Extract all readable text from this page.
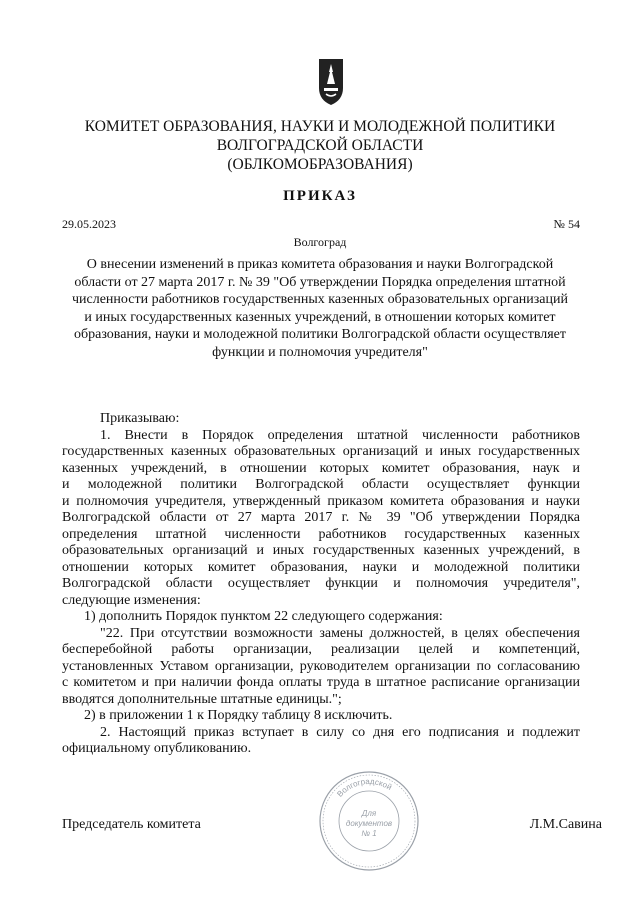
КОМИТЕТ ОБРАЗОВАНИЯ, НАУКИ И МОЛОДЕЖНОЙ ПОЛИТИКИ
ВОЛГОГРАДСКОЙ ОБЛАСТИ
(ОБЛКОМОБРАЗОВАНИЯ)
ПРИКАЗ
29.05.2023	№ 54
Волгоград
О внесении изменений в приказ комитета образования и науки Волгоградской
области от 27 марта 2017 г. № 39 "Об утверждении Порядка определения штатной
численности работников государственных казенных образовательных организаций
и иных государственных казенных учреждений, в отношении которых комитет
образования, науки и молодежной политики Волгоградской области осуществляет
функции и полномочия учредителя"
Приказываю:
1. Внести в Порядок определения штатной численности работников
государственных казенных образовательных организаций и иных государственных
казенных учреждений, в отношении которых комитет образования, наук и
и молодежной политики Волгоградской области осуществляет функции
и полномочия учредителя, утвержденный приказом комитета образования и науки
Волгоградской области от 27 марта 2017 г. № 39 "Об утверждении Порядка
определения штатной численности работников государственных казенных
образовательных организаций и иных государственных казенных учреждений, в
отношении которых комитет образования, науки и молодежной политики
Волгоградской области осуществляет функции и полномочия учредителя",
следующие изменения:
1) дополнить Порядок пунктом 22 следующего содержания:
"22. При отсутствии возможности замены должностей, в целях обеспечения
бесперебойной работы организации, реализации целей и компетенций,
установленных Уставом организации, руководителем организации по согласованию
с комитетом и при наличии фонда оплаты труда в штатное расписание организации
вводятся дополнительные штатные единицы.";
2) в приложении 1 к Порядку таблицу 8 исключить.
2. Настоящий приказ вступает в силу со дня его подписания и подлежит
официальному опубликованию.
Волгоградской
Для
документов
№ 1
Председатель комитета	Л.М.Савина
